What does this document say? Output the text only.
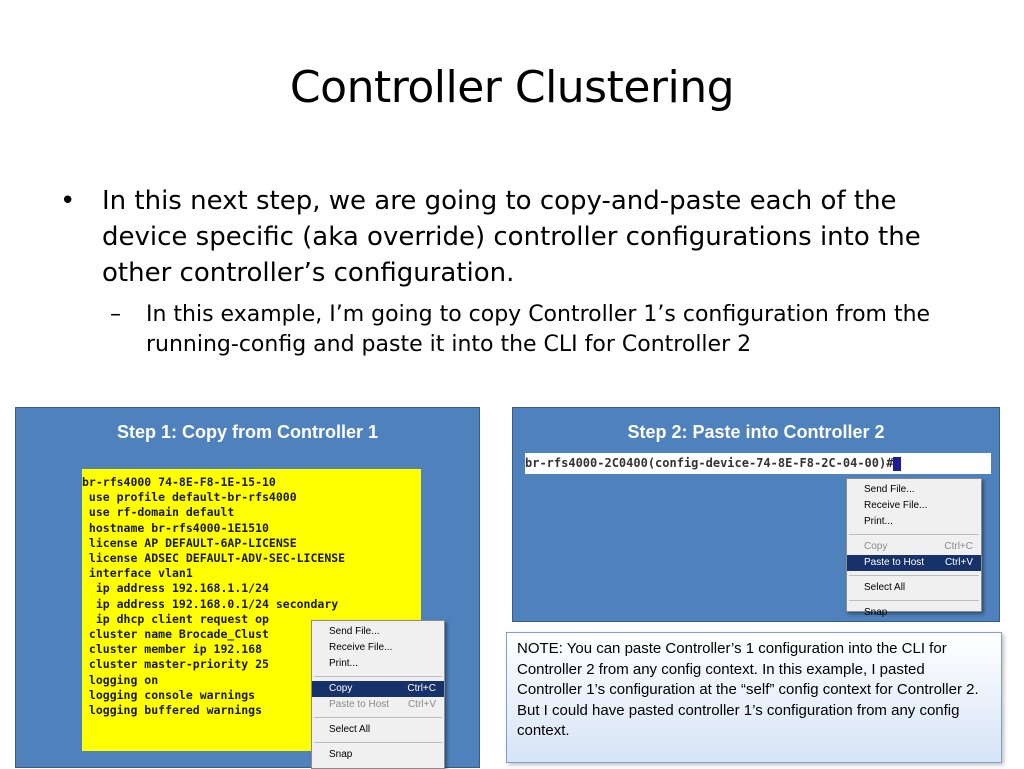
Controller Clustering
• In this next step, we are going to copy-and-paste each of the device specific (aka override) controller configurations into the other controller’s configuration.
– In this example, I’m going to copy Controller 1’s configuration from the running-config and paste it into the CLI for Controller 2
Step 1: Copy from Controller 1
br-rfs4000 74-8E-F8-1E-15-10
use profile default-br-rfs4000
use rf-domain default
hostname br-rfs4000-1E1510
license AP DEFAULT-6AP-LICENSE
license ADSEC DEFAULT-ADV-SEC-LICENSE
interface vlan1
ip address 192.168.1.1/24
ip address 192.168.0.1/24 secondary
ip dhcp client request op
cluster name Brocade_Clust
cluster member ip 192.168
cluster master-priority 25
logging on
logging console warnings
logging buffered warnings
Send File...
Receive File...
Print...
Copy	Ctrl+C
Paste to Host Ctrl+V
Select All
Snap
Step 2: Paste into Controller 2
br-rfs4000-2C0400(config-device-74-8E-F8-2C-04-00)#
Send File...
Receive File...
Print...
Copy	Ctrl+C
Paste to Host Ctrl+V
Select All
Snap
NOTE: You can paste Controller’s 1 configuration into the CLI for Controller 2 from any config context. In this example, I pasted Controller 1’s configuration at the “self” config context for Controller 2. But I could have pasted controller 1’s configuration from any config context.
